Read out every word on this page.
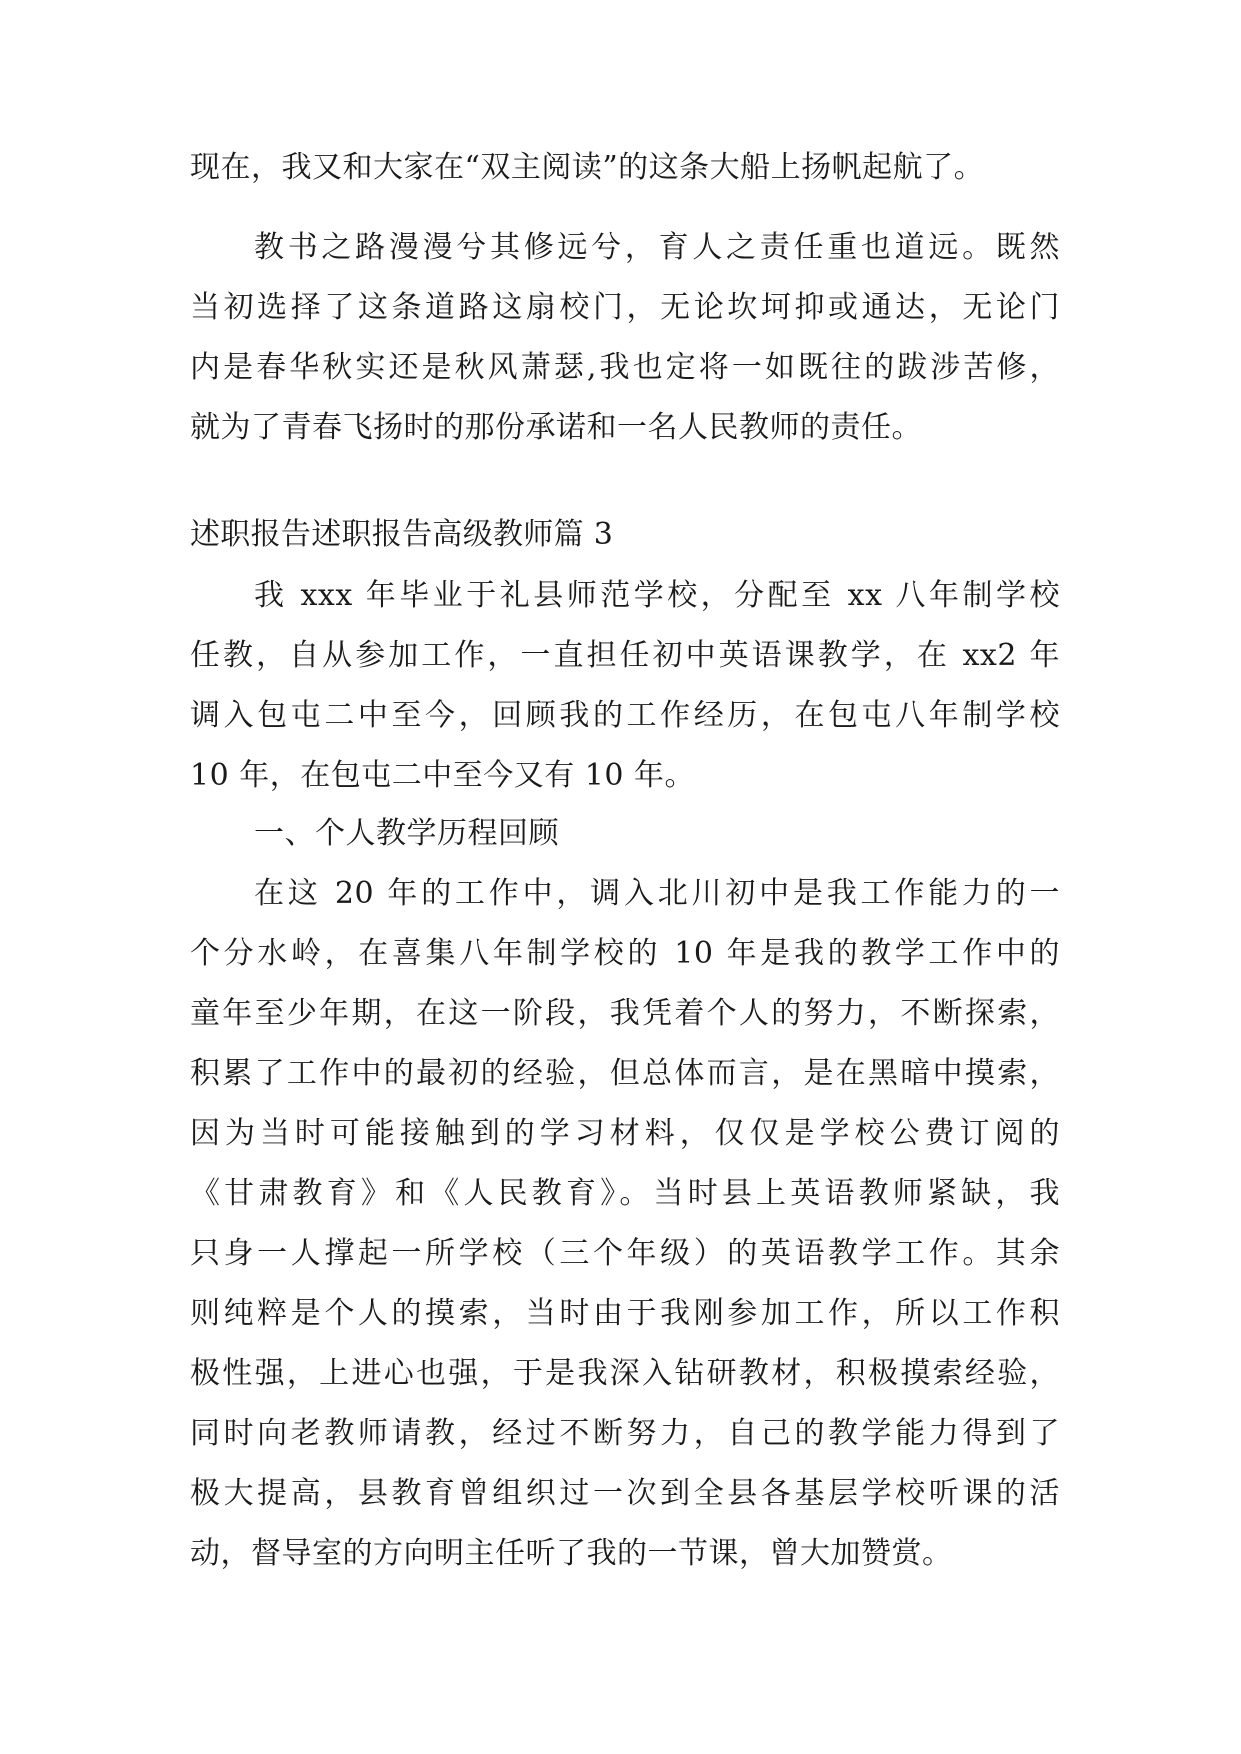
现在，我又和大家在“双主阅读”的这条大船上扬帆起航了。
教书之路漫漫兮其修远兮，育人之责任重也道远。既然
当初选择了这条道路这扇校门，无论坎坷抑或通达，无论门
内是春华秋实还是秋风萧瑟,我也定将一如既往的跋涉苦修，
就为了青春飞扬时的那份承诺和一名人民教师的责任。
述职报告述职报告高级教师篇 3
我 xxx 年毕业于礼县师范学校，分配至 xx 八年制学校
任教，自从参加工作，一直担任初中英语课教学，在 xx2 年
调入包屯二中至今，回顾我的工作经历，在包屯八年制学校
10 年，在包屯二中至今又有 10 年。
一、个人教学历程回顾
在这 20 年的工作中，调入北川初中是我工作能力的一
个分水岭，在喜集八年制学校的 10 年是我的教学工作中的
童年至少年期，在这一阶段，我凭着个人的努力，不断探索，
积累了工作中的最初的经验，但总体而言，是在黑暗中摸索，
因为当时可能接触到的学习材料，仅仅是学校公费订阅的
《甘肃教育》和《人民教育》。当时县上英语教师紧缺，我
只身一人撑起一所学校（三个年级）的英语教学工作。其余
则纯粹是个人的摸索，当时由于我刚参加工作，所以工作积
极性强，上进心也强，于是我深入钻研教材，积极摸索经验，
同时向老教师请教，经过不断努力，自己的教学能力得到了
极大提高，县教育曾组织过一次到全县各基层学校听课的活
动，督导室的方向明主任听了我的一节课，曾大加赞赏。
